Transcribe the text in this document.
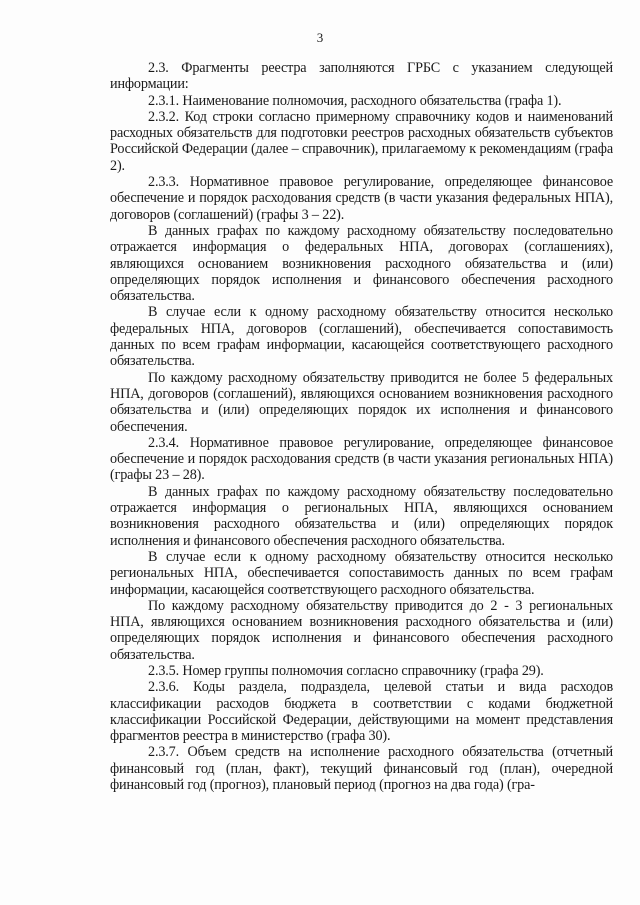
3

2.3. Фрагменты реестра заполняются ГРБС с указанием следующей информации:

2.3.1. Наименование полномочия, расходного обязательства (графа 1).

2.3.2. Код строки согласно примерному справочнику кодов и наименований расходных обязательств для подготовки реестров расходных обязательств субъектов Российской Федерации (далее – справочник), прилагаемому к рекомендациям (графа 2).

2.3.3. Нормативное правовое регулирование, определяющее финансовое обеспечение и порядок расходования средств (в части указания федеральных НПА), договоров (соглашений) (графы 3 – 22).

В данных графах по каждому расходному обязательству последовательно отражается информация о федеральных НПА, договорах (соглашениях), являющихся основанием возникновения расходного обязательства и (или) определяющих порядок исполнения и финансового обеспечения расходного обязательства.

В случае если к одному расходному обязательству относится несколько федеральных НПА, договоров (соглашений), обеспечивается сопоставимость данных по всем графам информации, касающейся соответствующего расходного обязательства.

По каждому расходному обязательству приводится не более 5 федеральных НПА, договоров (соглашений), являющихся основанием возникновения расходного обязательства и (или) определяющих порядок их исполнения и финансового обеспечения.

2.3.4. Нормативное правовое регулирование, определяющее финансовое обеспечение и порядок расходования средств (в части указания региональных НПА) (графы 23 – 28).

В данных графах по каждому расходному обязательству последовательно отражается информация о региональных НПА, являющихся основанием возникновения расходного обязательства и (или) определяющих порядок исполнения и финансового обеспечения расходного обязательства.

В случае если к одному расходному обязательству относится несколько региональных НПА, обеспечивается сопоставимость данных по всем графам информации, касающейся соответствующего расходного обязательства.

По каждому расходному обязательству приводится до 2 - 3 региональных НПА, являющихся основанием возникновения расходного обязательства и (или) определяющих порядок исполнения и финансового обеспечения расходного обязательства.

2.3.5. Номер группы полномочия согласно справочнику (графа 29).

2.3.6. Коды раздела, подраздела, целевой статьи и вида расходов классификации расходов бюджета в соответствии с кодами бюджетной классификации Российской Федерации, действующими на момент представления фрагментов реестра в министерство (графа 30).

2.3.7. Объем средств на исполнение расходного обязательства (отчетный финансовый год (план, факт), текущий финансовый год (план), очередной финансовый год (прогноз), плановый период (прогноз на два года) (гра-
